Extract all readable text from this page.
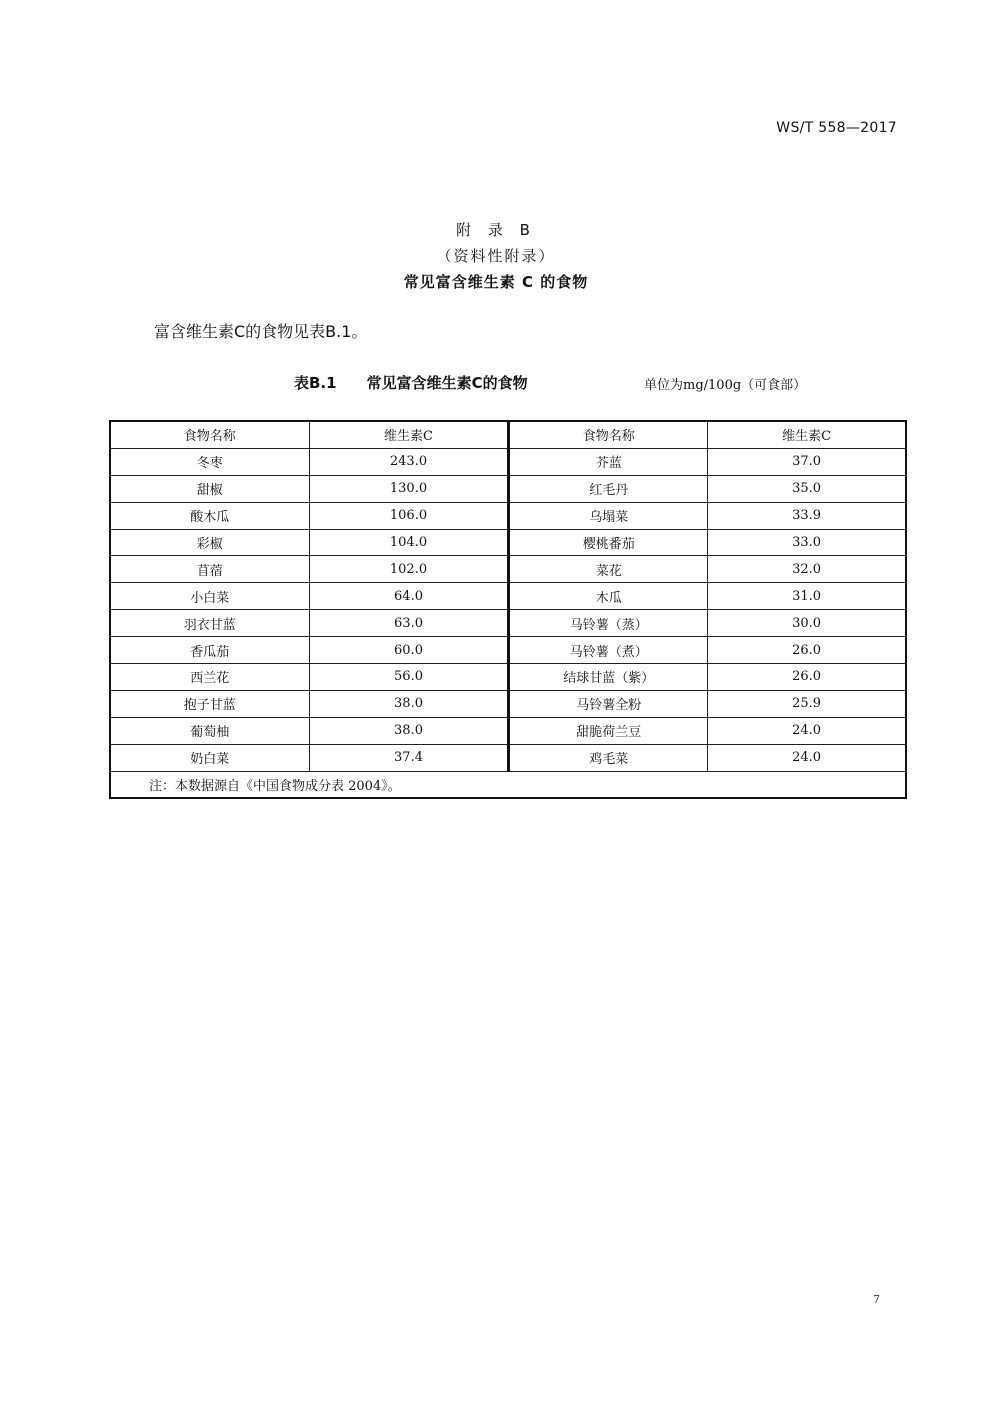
WS/T 558—2017
附 录 B
（资料性附录）
常见富含维生素 C 的食物
富含维生素C的食物见表B.1。
表B.1 常见富含维生素C的食物	单位为mg/100g（可食部）
食物名称	维生素C	食物名称	维生素C
冬枣	243.0	芥蓝	37.0
甜椒	130.0	红毛丹	35.0
酸木瓜	106.0	乌塌菜	33.9
彩椒	104.0	樱桃番茄	33.0
苜蓿	102.0	菜花	32.0
小白菜	64.0	木瓜	31.0
羽衣甘蓝	63.0	马铃薯（蒸）	30.0
香瓜茄	60.0	马铃薯（煮）	26.0
西兰花	56.0	结球甘蓝（紫）	26.0
抱子甘蓝	38.0	马铃薯全粉	25.9
葡萄柚	38.0	甜脆荷兰豆	24.0
奶白菜	37.4	鸡毛菜	24.0
注：本数据源自《中国食物成分表 2004》。			
7
